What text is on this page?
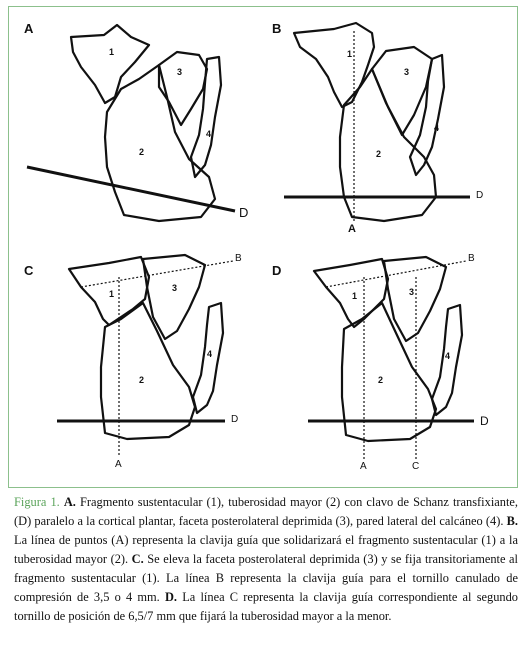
A
1
2
3
4
D
B
1
2
3
4
D
A
C
1
2
3
4
B
D
A
D
1
2
3
4
B
D
A	C
Figura 1. A. Fragmento sustentacular (1), tuberosidad mayor (2) con clavo de Schanz transfixiante, (D) paralelo a la cortical plantar, faceta posterolateral deprimida (3), pared lateral del calcáneo (4). B. La línea de puntos (A) representa la clavija guía que solidarizará el fragmento sustentacular (1) a la tuberosidad mayor (2). C. Se eleva la faceta posterolateral deprimida (3) y se fija transitoriamente al fragmento sustentacular (1). La línea B representa la clavija guía para el tornillo canulado de compresión de 3,5 o 4 mm. D. La línea C representa la clavija guía correspondiente al segundo tornillo de posición de 6,5/7 mm que fijará la tuberosidad mayor a la menor.
